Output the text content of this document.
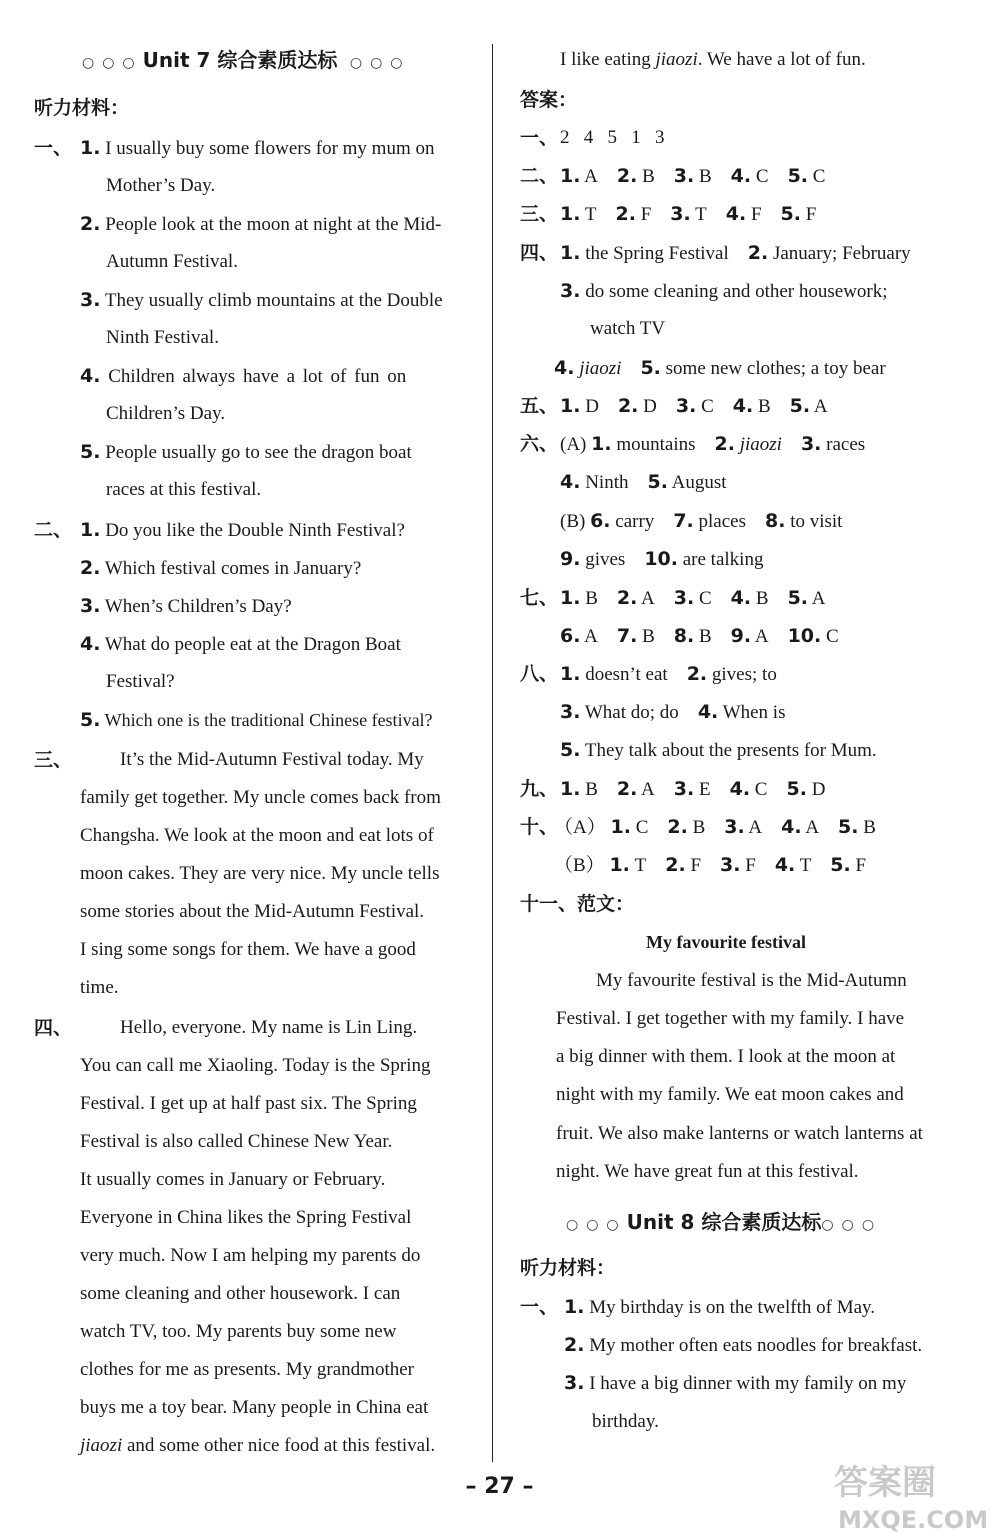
○○○Unit 7 综合素质达标 ○○○
听力材料：
一、 1. I usually buy some flowers for my mum on
Mother’s Day.
2. People look at the moon at night at the Mid-
Autumn Festival.
3. They usually climb mountains at the Double
Ninth Festival.
4. Children always have a lot of fun on
Children’s Day.
5. People usually go to see the dragon boat
races at this festival.
二、 1. Do you like the Double Ninth Festival?
2. Which festival comes in January?
3. When’s Children’s Day?
4. What do people eat at the Dragon Boat
Festival?
5. Which one is the traditional Chinese festival?
三、	It’s the Mid-Autumn Festival today. My
family get together. My uncle comes back from
Changsha. We look at the moon and eat lots of
moon cakes. They are very nice. My uncle tells
some stories about the Mid-Autumn Festival.
I sing some songs for them. We have a good
time.
四、	Hello, everyone. My name is Lin Ling.
You can call me Xiaoling. Today is the Spring
Festival. I get up at half past six. The Spring
Festival is also called Chinese New Year.
It usually comes in January or February.
Everyone in China likes the Spring Festival
very much. Now I am helping my parents do
some cleaning and other housework. I can
watch TV, too. My parents buy some new
clothes for me as presents. My grandmother
buys me a toy bear. Many people in China eat
jiaozi and some other nice food at this festival.
I like eating jiaozi. We have a lot of fun.
答案：
一、 2   4   5   1   3
二、 1. A 2. B 3. B 4. C 5. C
三、 1. T 2. F 3. T 4. F 5. F
四、 1. the Spring Festival 2. January; February
3. do some cleaning and other housework;
watch TV
4. jiaozi 5. some new clothes; a toy bear
五、 1. D 2. D 3. C 4. B 5. A
六、 (A) 1. mountains 2. jiaozi 3. races
4. Ninth 5. August
(B) 6. carry 7. places 8. to visit
9. gives 10. are talking
七、 1. B 2. A 3. C 4. B 5. A
6. A 7. B 8. B 9. A 10. C
八、 1. doesn’t eat 2. gives; to
3. What do; do 4. When is
5. They talk about the presents for Mum.
九、 1. B 2. A 3. E 4. C 5. D
十、
（A） 1. C 2. B 3. A 4. A 5. B
（B） 1. T 2. F 3. F 4. T 5. F
十一、范文：
My favourite festival
My favourite festival is the Mid-Autumn
Festival. I get together with my family. I have
a big dinner with them. I look at the moon at
night with my family. We eat moon cakes and
fruit. We also make lanterns or watch lanterns at
night. We have great fun at this festival.
○○○Unit 8 综合素质达标○○○
听力材料：
一、 1. My birthday is on the twelfth of May.
2. My mother often eats noodles for breakfast.
3. I have a big dinner with my family on my
birthday.
– 27 –	答案圈
MXQE.COM
